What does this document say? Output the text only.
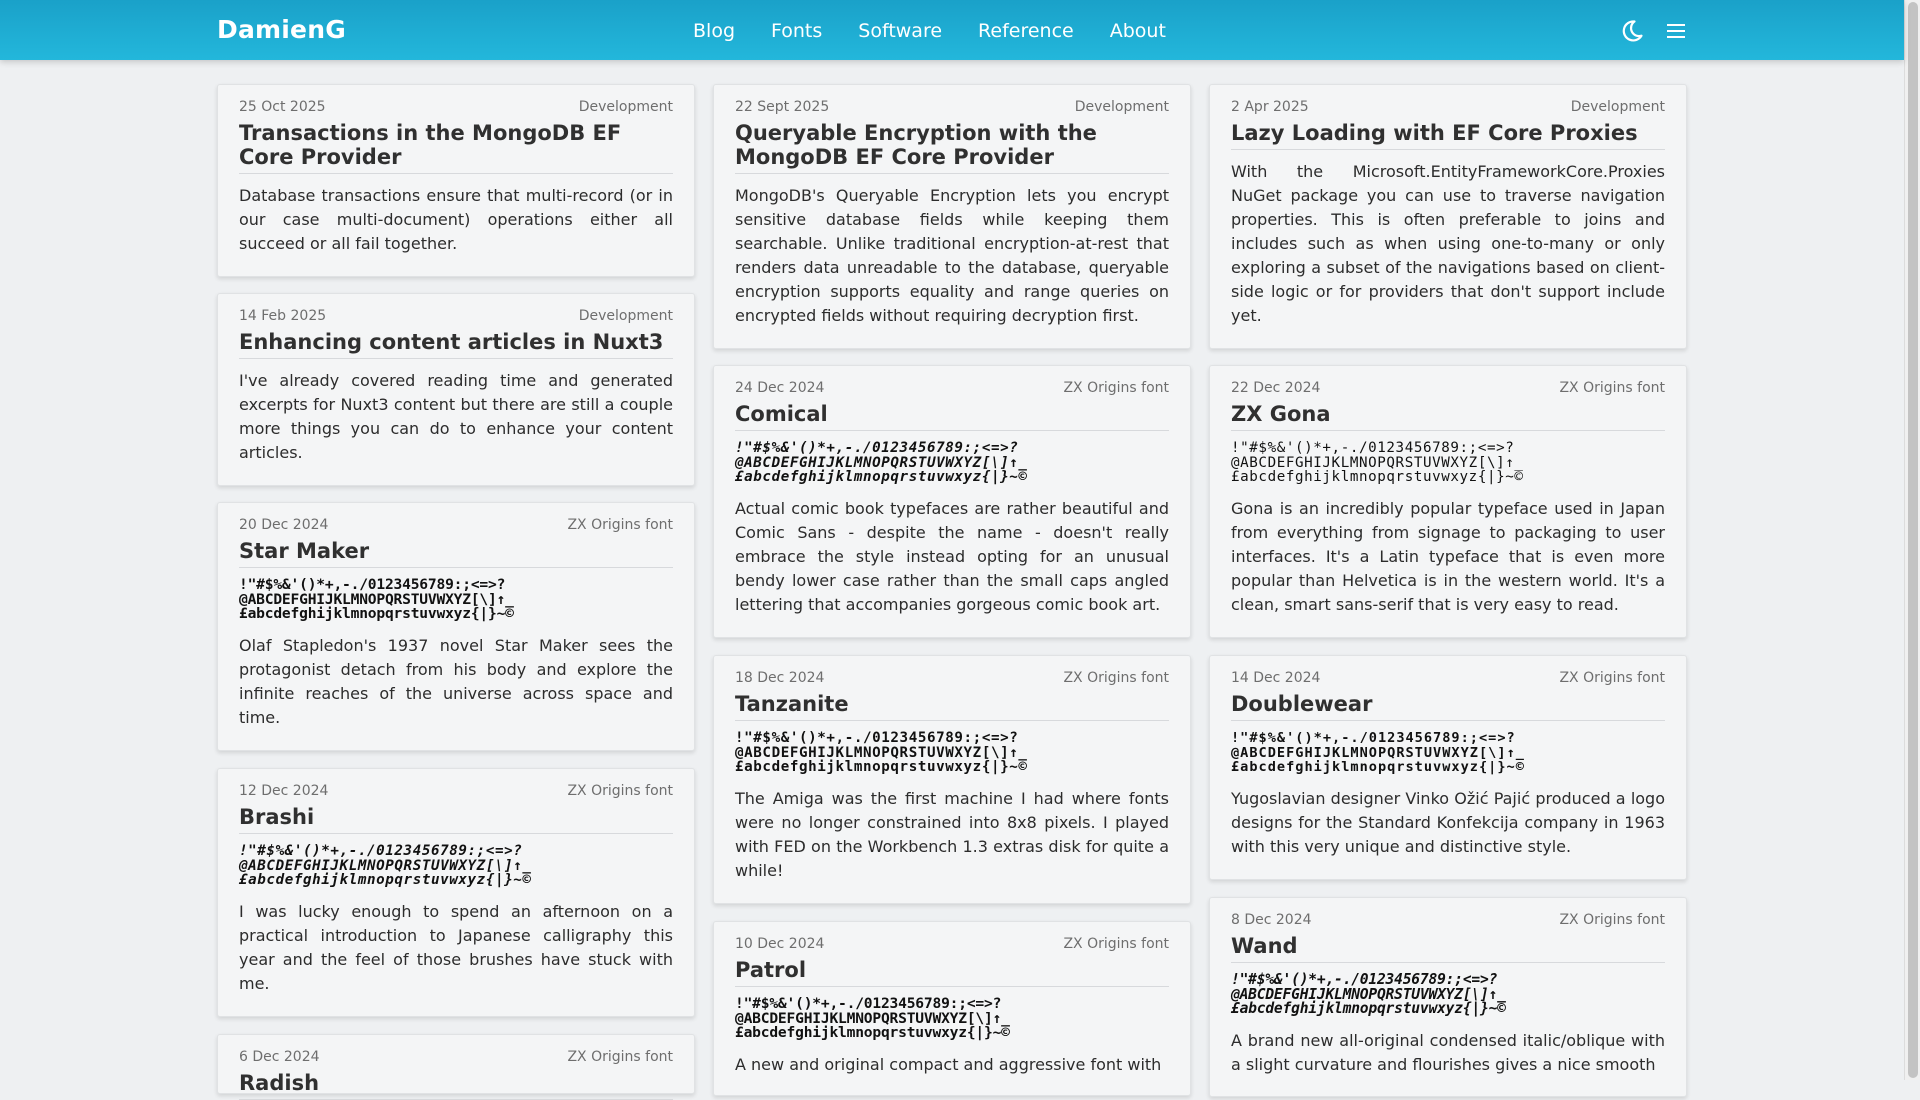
DamienG	Blog Fonts Software Reference About
25 Oct 2025	Development
Transactions in the MongoDB EF Core Provider

Database transactions ensure that multi-record (or in our case multi-document) operations either all succeed or all fail together.

14 Feb 2025	Development
Enhancing content articles in Nuxt3

I've already covered reading time and generated excerpts for Nuxt3 content but there are still a couple more things you can do to enhance your content articles.

20 Dec 2024	ZX Origins font
Star Maker
!"#$%&'()*+,-./0123456789:;<=>?
@ABCDEFGHIJKLMNOPQRSTUVWXYZ[\]↑_
£abcdefghijklmnopqrstuvwxyz{|}~©

Olaf Stapledon's 1937 novel Star Maker sees the protagonist detach from his body and explore the infinite reaches of the universe across space and time.

12 Dec 2024	ZX Origins font
Brashi
!"#$%&'()*+,-./0123456789:;<=>?
@ABCDEFGHIJKLMNOPQRSTUVWXYZ[\]↑_
£abcdefghijklmnopqrstuvwxyz{|}~©

I was lucky enough to spend an afternoon on a practical introduction to Japanese calligraphy this year and the feel of those brushes have stuck with me.

6 Dec 2024	ZX Origins font
Radish
22 Sept 2025	Development
Queryable Encryption with the MongoDB EF Core Provider

MongoDB's Queryable Encryption lets you encrypt sensitive database fields while keeping them searchable. Unlike traditional encryption-at-rest that renders data unreadable to the database, queryable encryption supports equality and range queries on encrypted fields without requiring decryption first.

24 Dec 2024	ZX Origins font
Comical
!"#$%&'()*+,-./0123456789:;<=>?
@ABCDEFGHIJKLMNOPQRSTUVWXYZ[\]↑_
£abcdefghijklmnopqrstuvwxyz{|}~©

Actual comic book typefaces are rather beautiful and Comic Sans - despite the name - doesn't really embrace the style instead opting for an unusual bendy lower case rather than the small caps angled lettering that accompanies gorgeous comic book art.

18 Dec 2024	ZX Origins font
Tanzanite
!"#$%&'()*+,-./0123456789:;<=>?
@ABCDEFGHIJKLMNOPQRSTUVWXYZ[\]↑_
£abcdefghijklmnopqrstuvwxyz{|}~©

The Amiga was the first machine I had where fonts were no longer constrained into 8x8 pixels. I played with FED on the Workbench 1.3 extras disk for quite a while!

10 Dec 2024	ZX Origins font
Patrol
!"#$%&'()*+,-./0123456789:;<=>?
@ABCDEFGHIJKLMNOPQRSTUVWXYZ[\]↑_
£abcdefghijklmnopqrstuvwxyz{|}~©

A new and original compact and aggressive font with

2 Apr 2025	Development
Lazy Loading with EF Core Proxies

With the Microsoft.EntityFrameworkCore.Proxies NuGet package you can use to traverse navigation properties. This is often preferable to joins and includes such as when using one-to-many or only exploring a subset of the navigations based on client-side logic or for providers that don't support include yet.

22 Dec 2024	ZX Origins font
ZX Gona
!"#$%&'()*+,-./0123456789:;<=>?
@ABCDEFGHIJKLMNOPQRSTUVWXYZ[\]↑_
£abcdefghijklmnopqrstuvwxyz{|}~©

Gona is an incredibly popular typeface used in Japan from everything from signage to packaging to user interfaces. It's a Latin typeface that is even more popular than Helvetica is in the western world. It's a clean, smart sans-serif that is very easy to read.

14 Dec 2024	ZX Origins font
Doublewear
!"#$%&'()*+,-./0123456789:;<=>?
@ABCDEFGHIJKLMNOPQRSTUVWXYZ[\]↑_
£abcdefghijklmnopqrstuvwxyz{|}~©

Yugoslavian designer Vinko Ožić Pajić produced a logo designs for the Standard Konfekcija company in 1963 with this very unique and distinctive style.

8 Dec 2024	ZX Origins font
Wand
!"#$%&'()*+,-./0123456789:;<=>?
@ABCDEFGHIJKLMNOPQRSTUVWXYZ[\]↑_
£abcdefghijklmnopqrstuvwxyz{|}~©

A brand new all-original condensed italic/oblique with a slight curvature and flourishes gives a nice smooth
